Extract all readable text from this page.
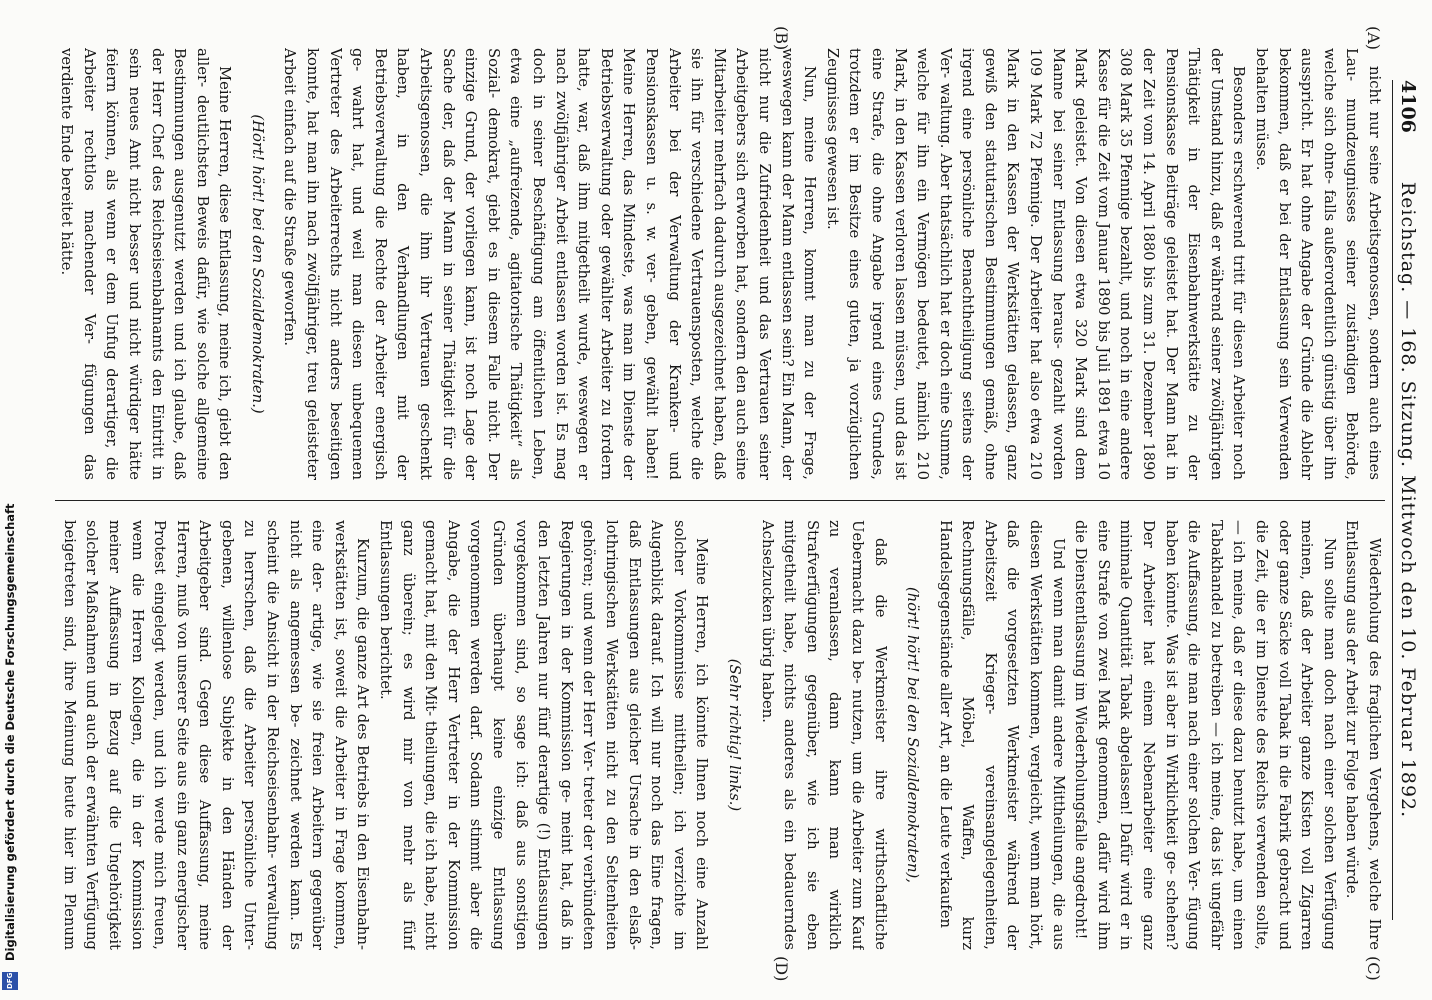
4106
Reichstag. — 168. Sitzung. Mittwoch den 10. Februar 1892.
(A)
(B)
(C)
(D)

nicht nur seine Arbeitsgenossen, sondern auch eines Lau- mundzeugnisses seiner zuständigen Behörde, welche sich ohne- falls außerordentlich günstig über ihn ausspricht. Er hat ohne Angabe der Gründe die Ablehr bekommen, daß er bei der Entlassung sein Verwenden behalten müsse.

Besonders erschwerend tritt für diesen Arbeiter noch der Umstand hinzu, daß er während seiner zwölfjährigen Thätigkeit in der Eisenbahnwerkstätte zu der Pensionskasse Beiträge geleistet hat. Der Mann hat in der Zeit vom 14. April 1880 bis zum 31. Dezember 1890 308 Mark 35 Pfennige bezahlt, und noch in eine andere Kasse für die Zeit vom Januar 1890 bis Juli 1891 etwa 10 Mark geleistet. Von diesen etwa 320 Mark sind dem Manne bei seiner Entlassung heraus- gezahlt worden 109 Mark 72 Pfennige. Der Arbeiter hat also etwa 210 Mark in den Kassen der Werkstätten gelassen, ganz gewiß den statutarischen Bestimmungen gemäß, ohne irgend eine persönliche Benachtheiligung seitens der Ver- waltung. Aber thatsächlich hat er doch eine Summe, welche für ihn ein Vermögen bedeutet, nämlich 210 Mark, in den Kassen verloren lassen müssen, und das ist eine Strafe, die ohne Angabe irgend eines Grundes, trotzdem er im Besitze eines guten, ja vorzüglichen Zeugnisses gewesen ist.

Nun, meine Herren, kommt man zu der Frage, weswegen kann der Mann entlassen sein? Ein Mann, der nicht nur die Zufriedenheit und das Vertrauen seiner Arbeitgebers sich erworben hat, sondern den auch seine Mitarbeiter mehrfach dadurch ausgezeichnet haben, daß sie ihn für verschiedene Vertrauensposten, welche die Arbeiter bei der Verwaltung der Kranken- und Pensionskassen u. s. w. ver- geben, gewählt haben! Meine Herren, das Mindeste, was man im Dienste der Betriebsverwaltung oder gewählter Arbeiter zu fordern hatte, war, daß ihm mitgetheilt wurde, weswegen er nach zwölfjähriger Arbeit entlassen worden ist. Es mag doch in seiner Beschäftigung am öffentlichen Leben, etwa eine „aufreizende, agitatorische Thätigkeit“ als Sozial- demokrat, giebt es in diesem Falle nicht. Der einzige Grund, der vorliegen kann, ist noch Lage der Sache der, daß der Mann in seiner Thätigkeit für die Arbeitsgenossen, die ihm ihr Vertrauen geschenkt haben, in den Verhandlungen mit der Betriebsverwaltung die Rechte der Arbeiter energisch ge- wahrt hat, und weil man diesen unbequemen Vertreter des Arbeiterrechts nicht anders beseitigen konnte, hat man ihn nach zwölfjähriger, treu geleisteter Arbeit einfach auf die Straße geworfen.

(Hört! hört! bei den Sozialdemokraten.)

Meine Herren, diese Entlassung, meine ich, giebt den aller- deutlichsten Beweis dafür, wie solche allgemeine Bestimmungen ausgenutzt werden und ich glaube, daß der Herr Chef des Reichseisenbahnamts den Eintritt in sein neues Amt nicht besser und nicht würdiger hätte feiern können, als wenn er dem Unfug derartiger, die Arbeiter rechtlos machender Ver- fügungen das verdiente Ende bereitet hätte.

Wiederholung des fraglichen Vergehens, welche Ihre Entlassung aus der Arbeit zur Folge haben würde.

Nun sollte man doch nach einer solchen Verfügung meinen, daß der Arbeiter ganze Kisten voll Zigarren oder ganze Säcke voll Tabak in die Fabrik gebracht und die Zeit, die er im Dienste des Reichs verwenden sollte, — ich meine, daß er diese dazu benutzt habe, um einen Tabakhandel zu betreiben — ich meine, das ist ungefähr die Auffassung, die man nach einer solchen Ver- fügung haben könnte. Was ist aber in Wirklichkeit ge- schehen? Der Arbeiter hat einem Nebenarbeiter eine ganz minimale Quantität Tabak abgelassen! Dafür wird er in eine Strafe von zwei Mark genommen, dafür wird ihm die Dienstentlassung im Wiederholungsfalle angedroht!

Und wenn man damit andere Mittheilungen, die aus diesen Werkstätten kommen, vergleicht, wenn man hört, daß die vorgesetzten Werkmeister während der Arbeitszeit Krieger- vereinsangelegenheiten, Rechnungsfälle, Möbel, Waffen, kurz Handelsgegenstände aller Art, an die Leute verkaufen

(hört! hört! bei den Sozialdemokraten),

daß die Werkmeister ihre wirthschaftliche Uebermacht dazu be- nutzen, um die Arbeiter zum Kauf zu veranlassen, dann kann man wirklich Strafverfügungen gegenüber, wie ich sie eben mitgetheilt habe, nichts anderes als ein bedauerndes Achselzucken übrig haben.

(Sehr richtig! links.)

Meine Herren, ich könnte Ihnen noch eine Anzahl solcher Vorkommnisse mittheilen; ich verzichte im Augenblick darauf. Ich will nur noch das Eine fragen, daß Entlassungen aus gleicher Ursache in den elsaß-lothringischen Werkstätten nicht zu den Seltenheiten gehören; und wenn der Herr Ver- treter der verbündeten Regierungen in der Kommission ge- meint hat, daß in den letzten Jahren nur fünf derartige (!) Entlassungen vorgekommen sind, so sage ich: daß aus sonstigen Gründen überhaupt keine einzige Entlassung vorgenommen werden darf. Sodann stimmt aber die Angabe, die der Herr Vertreter in der Kommission gemacht hat, mit den Mit- theilungen, die ich habe, nicht ganz überein; es wird mir von mehr als fünf Entlassungen berichtet.

Kurzum, die ganze Art des Betriebs in den Eisenbahn- werkstätten ist, soweit die Arbeiter in Frage kommen, eine der- artige, wie sie freien Arbeitern gegenüber nicht als angemessen be- zeichnet werden kann. Es scheint die Ansicht in der Reichseisenbahn- verwaltung zu herrschen, daß die Arbeiter persönliche Unter- gebenen, willenlose Subjekte in den Händen der Arbeitgeber sind. Gegen diese Auffassung, meine Herren, muß von unserer Seite aus ein ganz energischer Protest eingelegt werden, und ich werde mich freuen, wenn die Herren Kollegen, die in der Kommission meiner Auffassung in Bezug auf die Ungehörigkeit solcher Maßnahmen und auch der erwähnten Verfügung beigetreten sind, ihre Meinung heute hier im Plenum

Digitalisierung gefördert durch die Deutsche Forschungsgemeinschaft
DFG
